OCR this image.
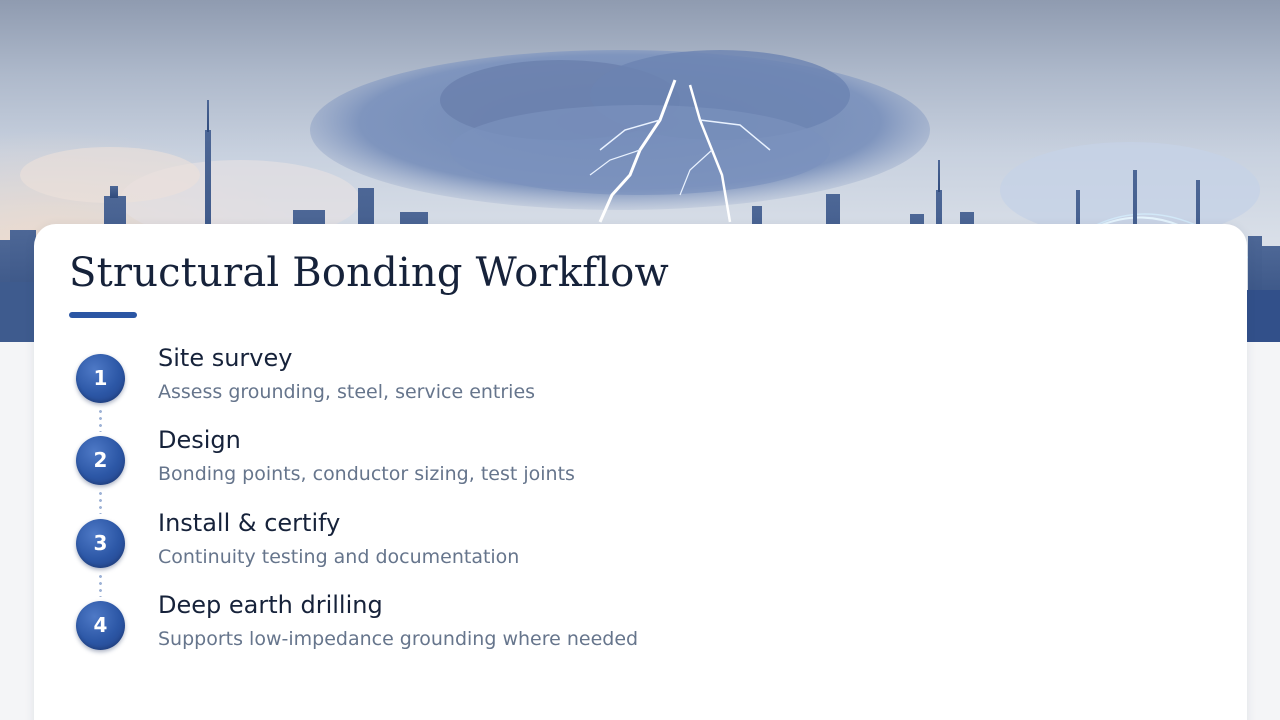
Structural Bonding Workflow
1
Site survey
Assess grounding, steel, service entries
2
Design
Bonding points, conductor sizing, test joints
3
Install & certify
Continuity testing and documentation
4
Deep earth drilling
Supports low-impedance grounding where needed
